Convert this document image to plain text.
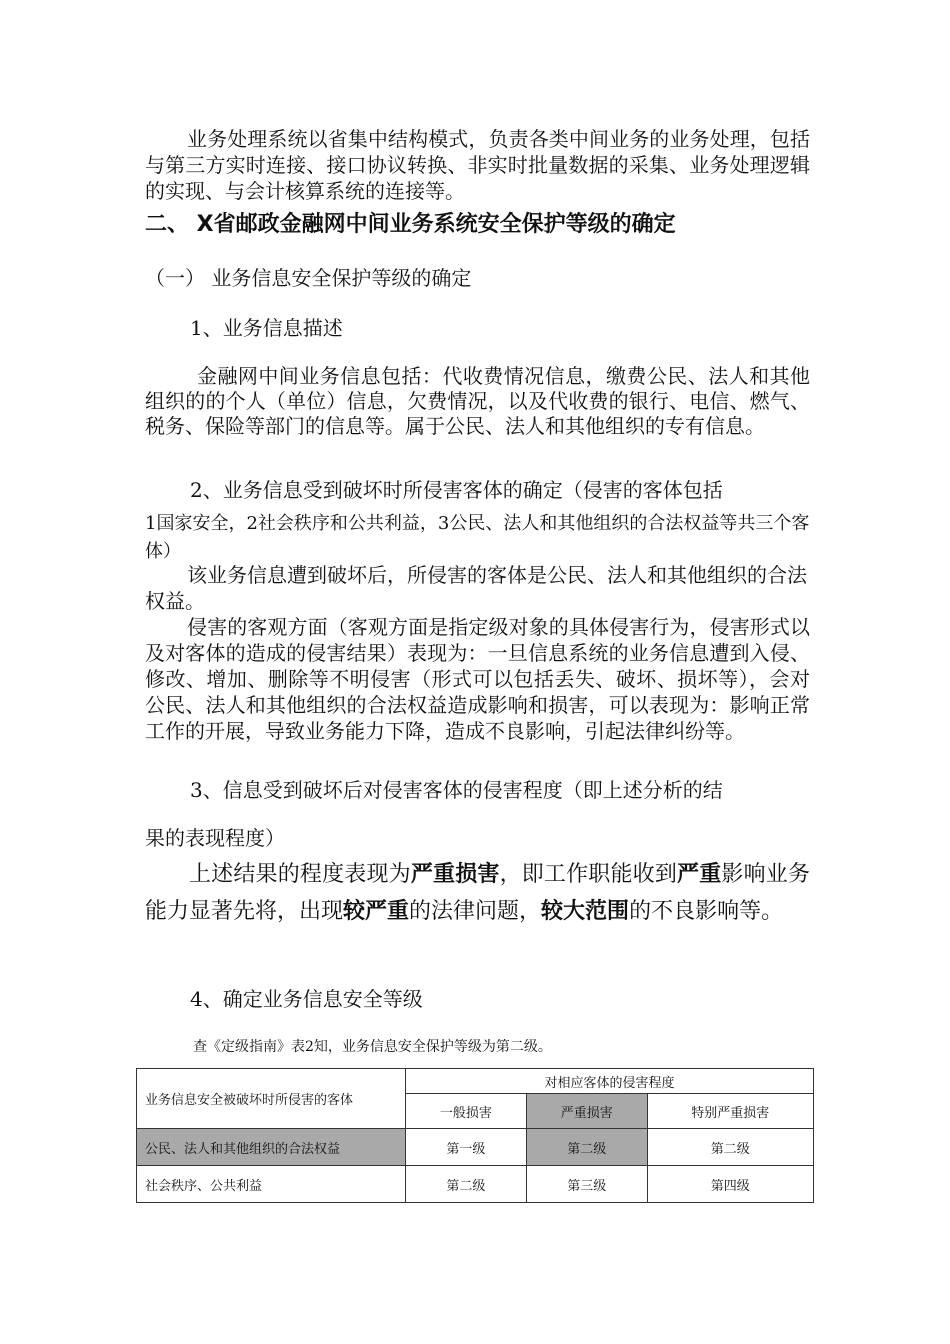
业务处理系统以省集中结构模式，负责各类中间业务的业务处理，包括与第三方实时连接、接口协议转换、非实时批量数据的采集、业务处理逻辑的实现、与会计核算系统的连接等。

二、 X省邮政金融网中间业务系统安全保护等级的确定
（一） 业务信息安全保护等级的确定
1、业务信息描述

金融网中间业务信息包括：代收费情况信息，缴费公民、法人和其他组织的的个人（单位）信息，欠费情况，以及代收费的银行、电信、燃气、税务、保险等部门的信息等。属于公民、法人和其他组织的专有信息。

2、业务信息受到破坏时所侵害客体的确定（侵害的客体包括

1国家安全，2社会秩序和公共利益，3公民、法人和其他组织的合法权益等共三个客体）

该业务信息遭到破坏后，所侵害的客体是公民、法人和其他组织的合法权益。

侵害的客观方面（客观方面是指定级对象的具体侵害行为，侵害形式以及对客体的造成的侵害结果）表现为：一旦信息系统的业务信息遭到入侵、修改、增加、删除等不明侵害（形式可以包括丢失、破坏、损坏等），会对公民、法人和其他组织的合法权益造成影响和损害，可以表现为：影响正常工作的开展，导致业务能力下降，造成不良影响，引起法律纠纷等。

3、信息受到破坏后对侵害客体的侵害程度（即上述分析的结
果的表现程度）

上述结果的程度表现为严重损害，即工作职能收到严重影响业务能力显著先将，出现较严重的法律问题，较大范围的不良影响等。

4、确定业务信息安全等级
查《定级指南》表2知，业务信息安全保护等级为第二级。
业务信息安全被破坏时所侵害的客体	对相应客体的侵害程度		
	一般损害	严重损害	特别严重损害
公民、法人和其他组织的合法权益	第一级	第二级	第二级
社会秩序、公共利益	第二级	第三级	第四级
